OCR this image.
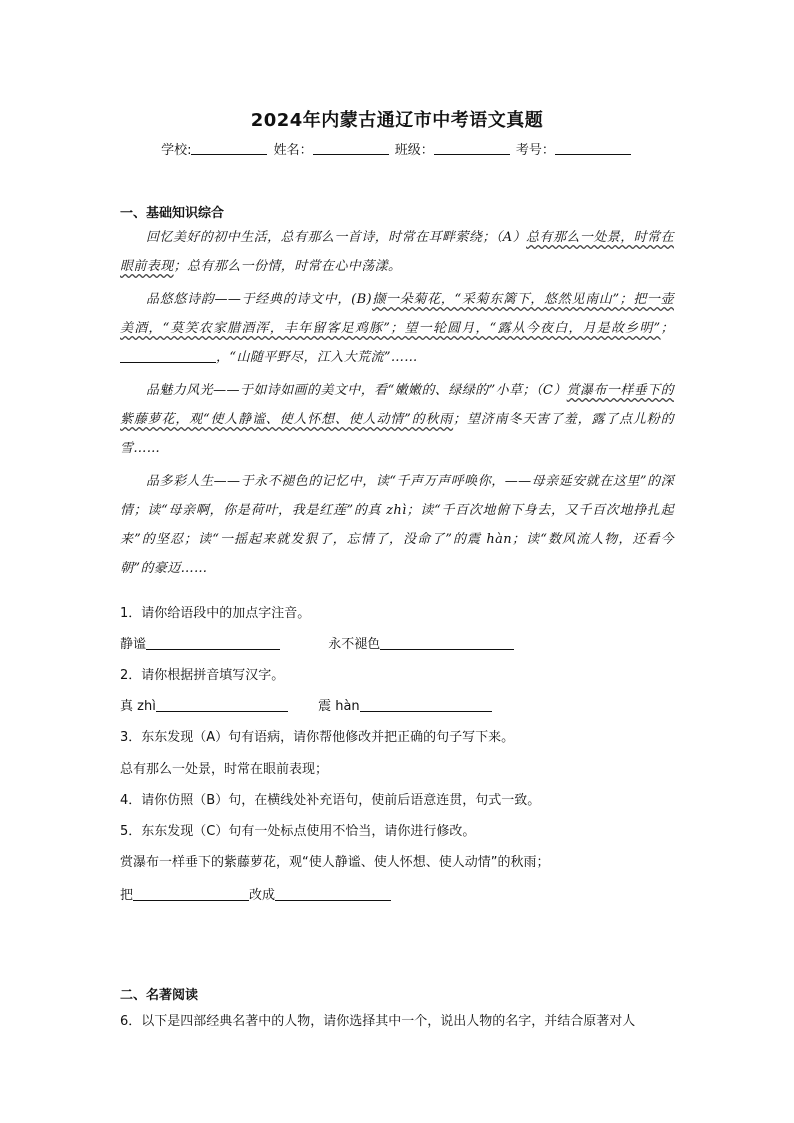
2024年内蒙古通辽市中考语文真题
学校:	姓名：	班级：	考号：
一、基础知识综合

回忆美好的初中生活，总有那么一首诗，时常在耳畔萦绕；（A）总有那么一处景，时常在眼前表现；总有那么一份情，时常在心中荡漾。

品悠悠诗韵——于经典的诗文中，(B)撷一朵菊花，“采菊东篱下，悠然见南山”；把一壶美酒，“莫笑农家腊酒浑，丰年留客足鸡豚”；望一轮圆月，“露从今夜白，月是故乡明”；，“山随平野尽，江入大荒流”……

品魅力风光——于如诗如画的美文中，看“嫩嫩的、绿绿的”小草；（C）赏瀑布一样垂下的紫藤萝花，观“使人静谧、使人怀想、使人动情”的秋雨；望济南冬天害了羞，露了点儿粉的雪……

品多彩人生——于永不褪色的记忆中，读“千声万声呼唤你，——母亲延安就在这里”的深情；读“母亲啊，你是荷叶，我是红莲”的真 zhì；读“千百次地俯下身去，又千百次地挣扎起来”的坚忍；读“一摇起来就发狠了，忘情了，没命了”的震 hàn；读“数风流人物，还看今朝”的豪迈……

1．请你给语段中的加点字注音。
静谧	永不褪色
2．请你根据拼音填写汉字。
真 zhì	震 hàn
3．东东发现（A）句有语病，请你帮他修改并把正确的句子写下来。
总有那么一处景，时常在眼前表现；
4．请你仿照（B）句，在横线处补充语句，使前后语意连贯，句式一致。
5．东东发现（C）句有一处标点使用不恰当，请你进行修改。
赏瀑布一样垂下的紫藤萝花，观“使人静谧、使人怀想、使人动情”的秋雨；
把	改成
二、名著阅读
6．以下是四部经典名著中的人物，请你选择其中一个，说出人物的名字，并结合原著对人
